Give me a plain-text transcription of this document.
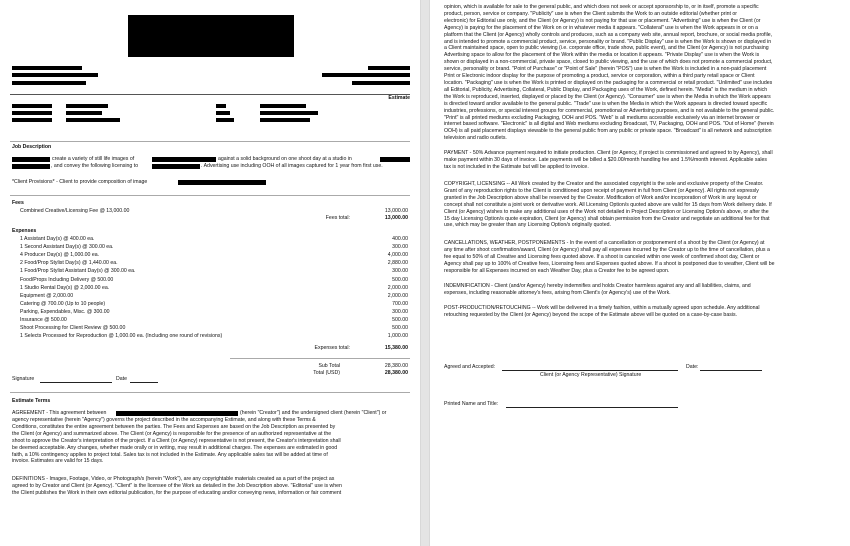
Estimate
Job Description
create a variety of still life images of	against a solid background on one shoot day at a studio in
, and convey the following licensing to	. Advertising use including OOH of all images captured for 1 year from first use.
*Client Provisions* - Client to provide composition of image
Fees
Combined Creative/Licensing Fee @ 13,000.00	13,000.00
Fees total:	13,000.00
Expenses
1 Assistant Day(s) @ 400.00 ea.	400.00
1 Second Assistant Day(s) @ 300.00 ea.	300.00
4 Producer Day(s) @ 1,000.00 ea.	4,000.00
2 Food/Prop Stylist Day(s) @ 1,440.00 ea.	2,880.00
1 Food/Prop Stylist Assistant Day(s) @ 300.00 ea.	300.00
Food/Props Including Delivery @ 500.00	500.00
1 Studio Rental Day(s) @ 2,000.00 ea.	2,000.00
Equipment @ 2,000.00	2,000.00
Catering @ 700.00 (Up to 10 people)	700.00
Parking, Expendables, Misc. @ 300.00	300.00
Insurance @ 500.00	500.00
Shoot Processing for Client Review @ 500.00	500.00
1 Selects Processed for Reproduction @ 1,000.00 ea. (Including one round of revisions)	1,000.00
Expenses total:	15,380.00
Sub Total	28,380.00
Total (USD)	28,380.00
Signature	Date
Estimate Terms
AGREEMENT - This agreement between	(herein "Creator") and the undersigned client (herein "Client") or
agency representative (herein "Agency") governs the project described in the accompanying Estimate, and along with these Terms &
Conditions, constitutes the entire agreement between the parties. The Fees and Expenses are based on the Job Description as presented by
the Client (or Agency) and summarized above. The Client (or Agency) is responsible for the presence of an authorized representative at the
shoot to approve the Creator's interpretation of the project. If a Client (or Agency) representative is not present, the Creator's interpretation shall
be deemed acceptable. Any changes, whether made orally or in writing, may result in additional charges. The expenses are estimated in good
faith, a 10% contingency applies to project total. Sales tax is not included in the Estimate. Any applicable sales tax will be added at time of
invoice. Estimates are valid for 15 days.
DEFINITIONS - Images, Footage, Video, or Photograph/s (herein "Work"), are any copyrightable materials created as a part of the project as
agreed to by Creator and Client (or Agency). "Client" is the licensee of the Work as detailed in the Job Description above. "Editorial" use is when
the Client publishes the Work in their own editorial publication, for the purpose of educating and/or conveying news, information or fair comment
opinion, which is available for sale to the general public, and which does not seek or accept sponsorship to, or in itself, promote a specific
product, person, service or company. "Publicity" use is when the Client submits the Work to an outside editorial (whether print or
electronic) for Editorial use only, and the Client (or Agency) is not paying for that use or placement. "Advertising" use is when the Client (or
Agency) is paying for the placement of the Work on or in whatever media it appears. "Collateral" use is when the Work appears in or on a
platform that the Client (or Agency) wholly controls and produces, such as a company web site, annual report, brochure, or social media profile,
and is intended to promote a commercial product, service, personality or brand. "Public Display" use is when the Work is shown or displayed in
a Client maintained space, open to public viewing (i.e. corporate office, trade show, public event), and the Client (or Agency) is not purchasing
Advertising space to allow for the placement of the Work within the media or location it appears. "Private Display" use is when the Work is
shown or displayed in a non-commercial, private space, closed to public viewing, and the use of which does not promote a commercial product,
service, personality or brand. "Point of Purchase" or "Point of Sale" (herein "POS") use is when the Work is included in a non-paid placement
Print or Electronic indoor display for the purpose of promoting a product, service or corporation, within a third party retail space or Client
location. "Packaging" use is when the Work is printed or displayed on the packaging for a commercial or retail product. "Unlimited" use includes
all Editorial, Publicity, Advertising, Collateral, Public Display, and Packaging uses of the Work, defined herein. "Media" is the medium in which
the Work is reproduced, inserted, displayed or placed by the Client (or Agency). "Consumer" use is when the Media in which the Work appears
is directed toward and/or available to the general public. "Trade" use is when the Media in which the Work appears is directed toward specific
industries, professions, or special interest groups for commercial, promotional or Advertising purposes, and is not available to the general public.
"Print" is all printed mediums excluding Packaging, OOH and POS. "Web" is all mediums accessible exclusively via an internet browser or
internet based software. "Electronic" is all digital and Web mediums excluding Broadcast, TV, Packaging, OOH and POS. "Out of Home" (herein
OOH) is all paid placement displays viewable to the general public from any public or private space. "Broadcast" is all network and subscription
television and radio outlets.
PAYMENT - 50% Advance payment required to initiate production. Client (or Agency, if project is commissioned and agreed to by Agency), shall
make payment within 30 days of invoice. Late payments will be billed a $20.00/month handling fee and 1.5%/month interest. Applicable sales
tax is not included in the Estimate but will be applied to invoice.
COPYRIGHT, LICENSING -- All Work created by the Creator and the associated copyright is the sole and exclusive property of the Creator.
Grant of any reproduction rights to the Client is conditioned upon receipt of payment in full from Client (or Agency). All rights not expressly
granted in the Job Description above shall be reserved by the Creator. Modification of Work and/or incorporation of Work in any layout or
concept shall not constitute a joint work or derivative work. All Licensing Option/s quoted above are valid for 15 days from Work delivery date. If
Client (or Agency) wishes to make any additional uses of the Work not detailed in Project Description or Licensing Option/s above, or after the
15 day Licensing Option/s quote expiration, Client (or Agency) shall obtain permission from the Creator and negotiate an additional fee for that
use, which may be greater than any Licensing Option/s originally quoted.
CANCELLATIONS, WEATHER, POSTPONEMENTS - In the event of a cancellation or postponement of a shoot by the Client (or Agency) at
any time after shoot confirmation/award, Client (or Agency) shall pay all expenses incurred by the Creator up to the time of cancellation, plus a
fee equal to 50% of all Creative and Licensing fees quoted above. If a shoot is canceled within one week of confirmed shoot day, Client or
Agency shall pay up to 100% of Creative fees, Licensing fees and Expenses quoted above. If a shoot is postponed due to weather, Client will be
responsible for all Expenses incurred on each Weather Day, plus a Creator fee to be agreed upon.
INDEMNIFICATION - Client (and/or Agency) hereby indemnifies and holds Creator harmless against any and all liabilities, claims, and
expenses, including reasonable attorney's fees, arising from Client's (or Agency's) use of the Work.
POST-PRODUCTION/RETOUCHING -- Work will be delivered in a timely fashion, within a mutually agreed upon schedule. Any additional
retouching requested by the Client (or Agency) beyond the scope of the Estimate above will be quoted on a case-by-case basis.
Agreed and Accepted:	Date:
Client (or Agency Representative) Signature
Printed Name and Title:
